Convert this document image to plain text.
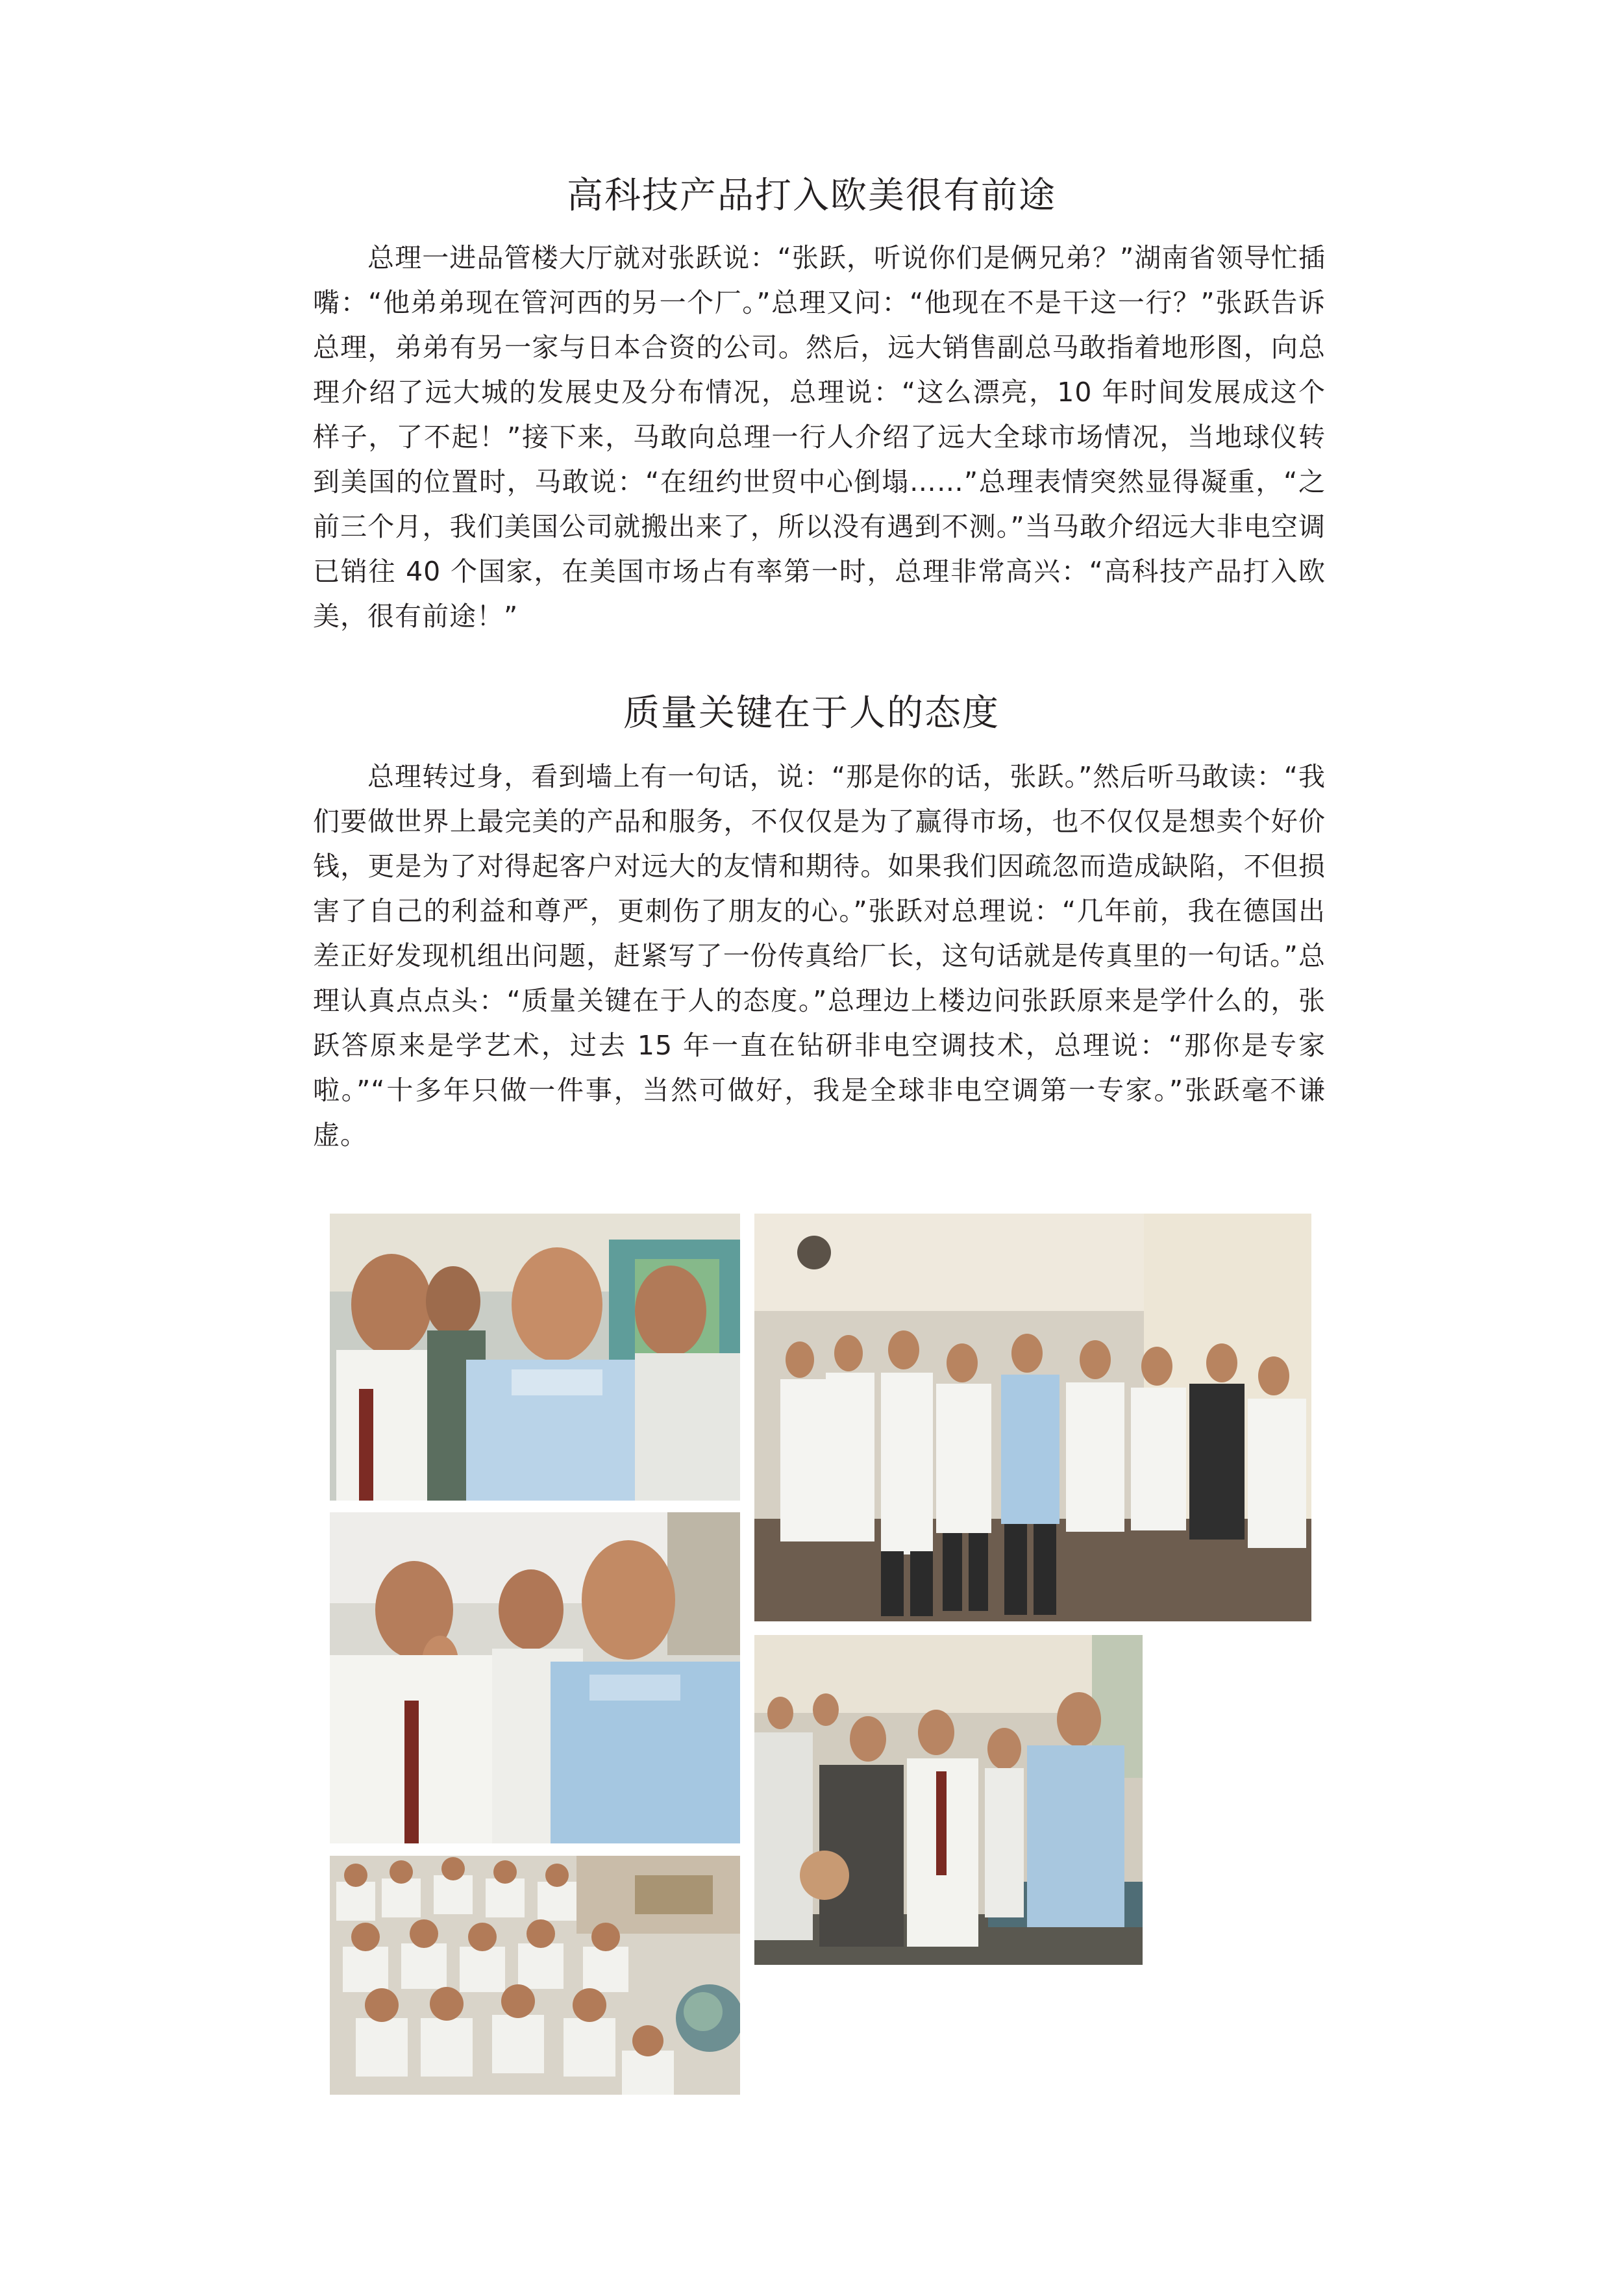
高科技产品打入欧美很有前途

总理一进品管楼大厅就对张跃说：“张跃，听说你们是俩兄弟？”湖南省领导忙插嘴：“他弟弟现在管河西的另一个厂。”总理又问：“他现在不是干这一行？”张跃告诉总理，弟弟有另一家与日本合资的公司。然后，远大销售副总马敢指着地形图，向总理介绍了远大城的发展史及分布情况，总理说：“这么漂亮，10 年时间发展成这个样子，了不起！”接下来，马敢向总理一行人介绍了远大全球市场情况，当地球仪转到美国的位置时，马敢说：“在纽约世贸中心倒塌……”总理表情突然显得凝重，“之前三个月，我们美国公司就搬出来了，所以没有遇到不测。”当马敢介绍远大非电空调已销往 40 个国家，在美国市场占有率第一时，总理非常高兴：“高科技产品打入欧美，很有前途！”

质量关键在于人的态度

总理转过身，看到墙上有一句话，说：“那是你的话，张跃。”然后听马敢读：“我们要做世界上最完美的产品和服务，不仅仅是为了赢得市场，也不仅仅是想卖个好价钱，更是为了对得起客户对远大的友情和期待。如果我们因疏忽而造成缺陷，不但损害了自己的利益和尊严，更刺伤了朋友的心。”张跃对总理说：“几年前，我在德国出差正好发现机组出问题，赶紧写了一份传真给厂长，这句话就是传真里的一句话。”总理认真点点头：“质量关键在于人的态度。”总理边上楼边问张跃原来是学什么的，张跃答原来是学艺术，过去 15 年一直在钻研非电空调技术，总理说：“那你是专家啦。”“十多年只做一件事，当然可做好，我是全球非电空调第一专家。”张跃毫不谦虚。
